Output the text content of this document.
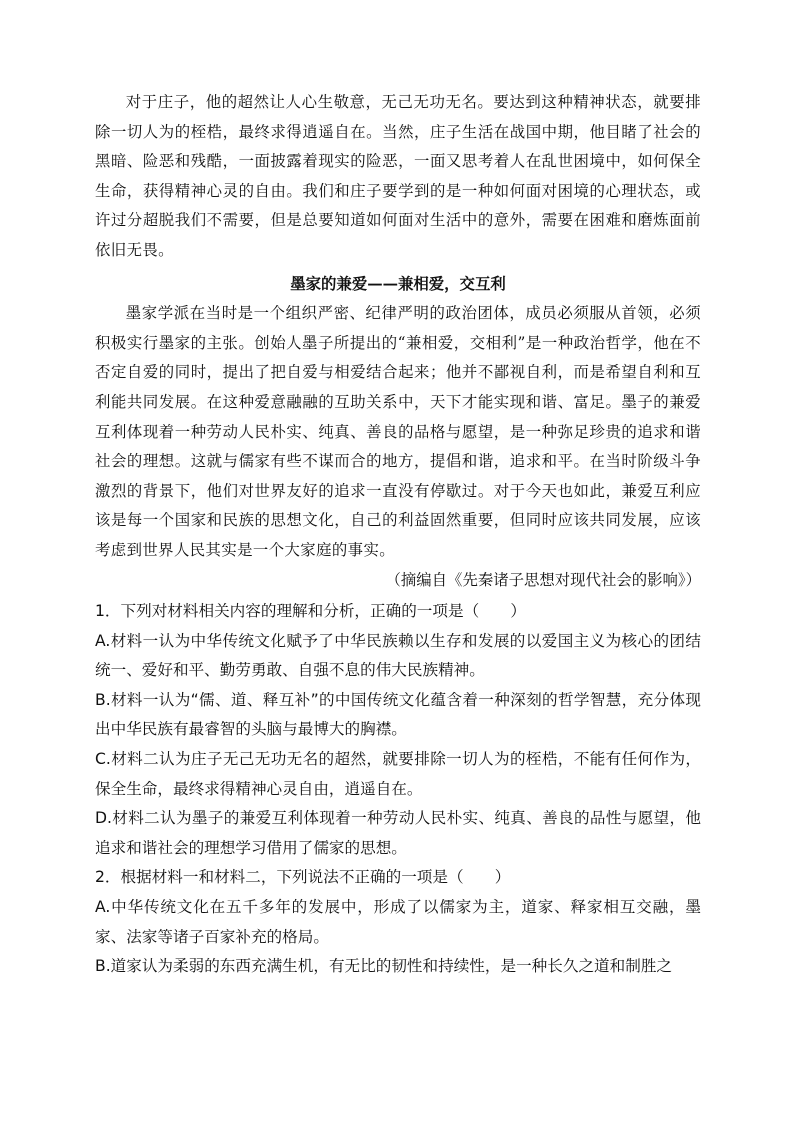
对于庄子，他的超然让人心生敬意，无己无功无名。要达到这种精神状态，就要排除一切人为的桎梏，最终求得逍遥自在。当然，庄子生活在战国中期，他目睹了社会的黑暗、险恶和残酷，一面披露着现实的险恶，一面又思考着人在乱世困境中，如何保全生命，获得精神心灵的自由。我们和庄子要学到的是一种如何面对困境的心理状态，或许过分超脱我们不需要，但是总要知道如何面对生活中的意外，需要在困难和磨炼面前依旧无畏。

墨家的兼爱——兼相爱，交互利

墨家学派在当时是一个组织严密、纪律严明的政治团体，成员必须服从首领，必须积极实行墨家的主张。创始人墨子所提出的“兼相爱，交相利”是一种政治哲学，他在不否定自爱的同时，提出了把自爱与相爱结合起来；他并不鄙视自利，而是希望自利和互利能共同发展。在这种爱意融融的互助关系中，天下才能实现和谐、富足。墨子的兼爱互利体现着一种劳动人民朴实、纯真、善良的品格与愿望，是一种弥足珍贵的追求和谐社会的理想。这就与儒家有些不谋而合的地方，提倡和谐，追求和平。在当时阶级斗争激烈的背景下，他们对世界友好的追求一直没有停歇过。对于今天也如此，兼爱互利应该是每一个国家和民族的思想文化，自己的利益固然重要，但同时应该共同发展，应该考虑到世界人民其实是一个大家庭的事实。

（摘编自《先秦诸子思想对现代社会的影响》）

1．下列对材料相关内容的理解和分析，正确的一项是（　　）

A.材料一认为中华传统文化赋予了中华民族赖以生存和发展的以爱国主义为核心的团结统一、爱好和平、勤劳勇敢、自强不息的伟大民族精神。

B.材料一认为“儒、道、释互补”的中国传统文化蕴含着一种深刻的哲学智慧，充分体现出中华民族有最睿智的头脑与最博大的胸襟。

C.材料二认为庄子无己无功无名的超然，就要排除一切人为的桎梏，不能有任何作为，保全生命，最终求得精神心灵自由，逍遥自在。

D.材料二认为墨子的兼爱互利体现着一种劳动人民朴实、纯真、善良的品性与愿望，他追求和谐社会的理想学习借用了儒家的思想。

2．根据材料一和材料二，下列说法不正确的一项是（　　）

A.中华传统文化在五千多年的发展中，形成了以儒家为主，道家、释家相互交融，墨家、法家等诸子百家补充的格局。

B.道家认为柔弱的东西充满生机，有无比的韧性和持续性，是一种长久之道和制胜之
